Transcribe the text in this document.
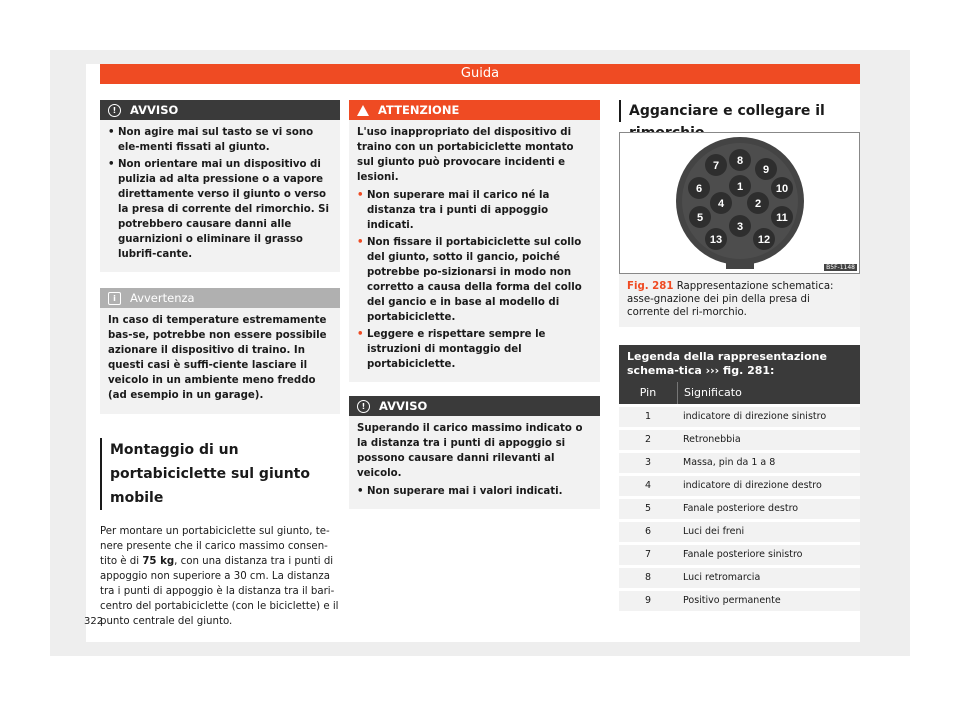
Guida
!	AVVISO
• Non agire mai sul tasto se vi sono ele-menti fissati al giunto.
• Non orientare mai un dispositivo di pulizia ad alta pressione o a vapore direttamente verso il giunto o verso la presa di corrente del rimorchio. Si potrebbero causare danni alle guarnizioni o eliminare il grasso lubrifi-cante.
i	Avvertenza

In caso di temperature estremamente bas-se, potrebbe non essere possibile azionare il dispositivo di traino. In questi casi è suffi-ciente lasciare il veicolo in un ambiente meno freddo (ad esempio in un garage).

Montaggio di un portabiciclette sul giunto mobile
Per montare un portabiciclette sul giunto, te-nere presente che il carico massimo consen-tito è di 75 kg, con una distanza tra i punti di appoggio non superiore a 30 cm. La distanza tra i punti di appoggio è la distanza tra il bari-centro del portabiciclette (con le biciclette) e il punto centrale del giunto.
ATTENZIONE

L'uso inappropriato del dispositivo di traino con un portabiciclette montato sul giunto può provocare incidenti e lesioni.

• Non superare mai il carico né la distanza tra i punti di appoggio indicati.
• Non fissare il portabiciclette sul collo del giunto, sotto il gancio, poiché potrebbe po-sizionarsi in modo non corretto a causa della forma del collo del gancio e in base al modello di portabiciclette.
• Leggere e rispettare sempre le istruzioni di montaggio del portabiciclette.
!	AVVISO

Superando il carico massimo indicato o la distanza tra i punti di appoggio si possono causare danni rilevanti al veicolo.

• Non superare mai i valori indicati.
Agganciare e collegare il
1
2
3
4
5
6
7 8
9
10
11
12
13
B5F-1148
Fig. 281 Rappresentazione schematica: asse-gnazione dei pin della presa di corrente del ri-morchio.
Legenda della rappresentazione schema-tica ››› fig. 281:
Pin	Significato
1	indicatore di direzione sinistro
2	Retronebbia
3	Massa, pin da 1 a 8
4	indicatore di direzione destro
5	Fanale posteriore destro
6	Luci dei freni
7	Fanale posteriore sinistro
8	Luci retromarcia
9	Positivo permanente
322
